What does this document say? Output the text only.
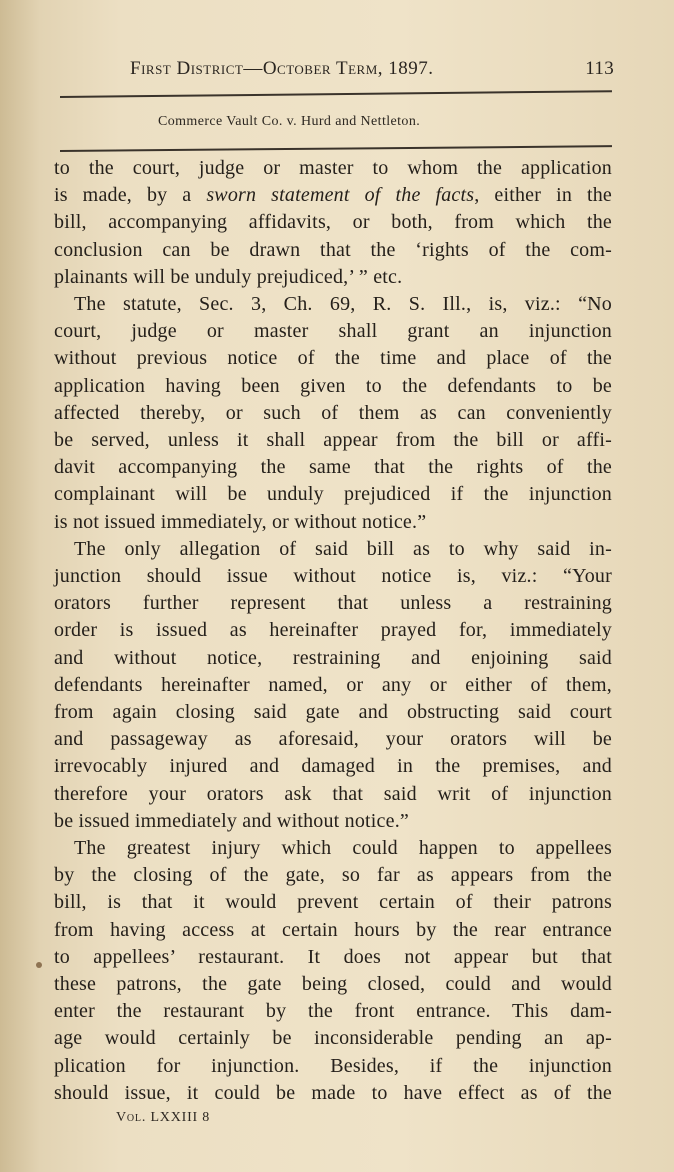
First District—October Term, 1897.	113
Commerce Vault Co. v. Hurd and Nettleton.
to the court, judge or master to whom the application
is made, by a sworn statement of the facts, either in the
bill, accompanying affidavits, or both, from which the
conclusion can be drawn that the ‘rights of the com-
plainants will be unduly prejudiced,’ ” etc.
The statute, Sec. 3, Ch. 69, R. S. Ill., is, viz.: “No
court, judge or master shall grant an injunction
without previous notice of the time and place of the
application having been given to the defendants to be
affected thereby, or such of them as can conveniently
be served, unless it shall appear from the bill or affi-
davit accompanying the same that the rights of the
complainant will be unduly prejudiced if the injunction
is not issued immediately, or without notice.”
The only allegation of said bill as to why said in-
junction should issue without notice is, viz.: “Your
orators further represent that unless a restraining
order is issued as hereinafter prayed for, immediately
and without notice, restraining and enjoining said
defendants hereinafter named, or any or either of them,
from again closing said gate and obstructing said court
and passageway as aforesaid, your orators will be
irrevocably injured and damaged in the premises, and
therefore your orators ask that said writ of injunction
be issued immediately and without notice.”
The greatest injury which could happen to appellees
by the closing of the gate, so far as appears from the
bill, is that it would prevent certain of their patrons
from having access at certain hours by the rear entrance
to appellees’ restaurant. It does not appear but that
these patrons, the gate being closed, could and would
enter the restaurant by the front entrance. This dam-
age would certainly be inconsiderable pending an ap-
plication for injunction. Besides, if the injunction
should issue, it could be made to have effect as of the
Vol. LXXIII 8
